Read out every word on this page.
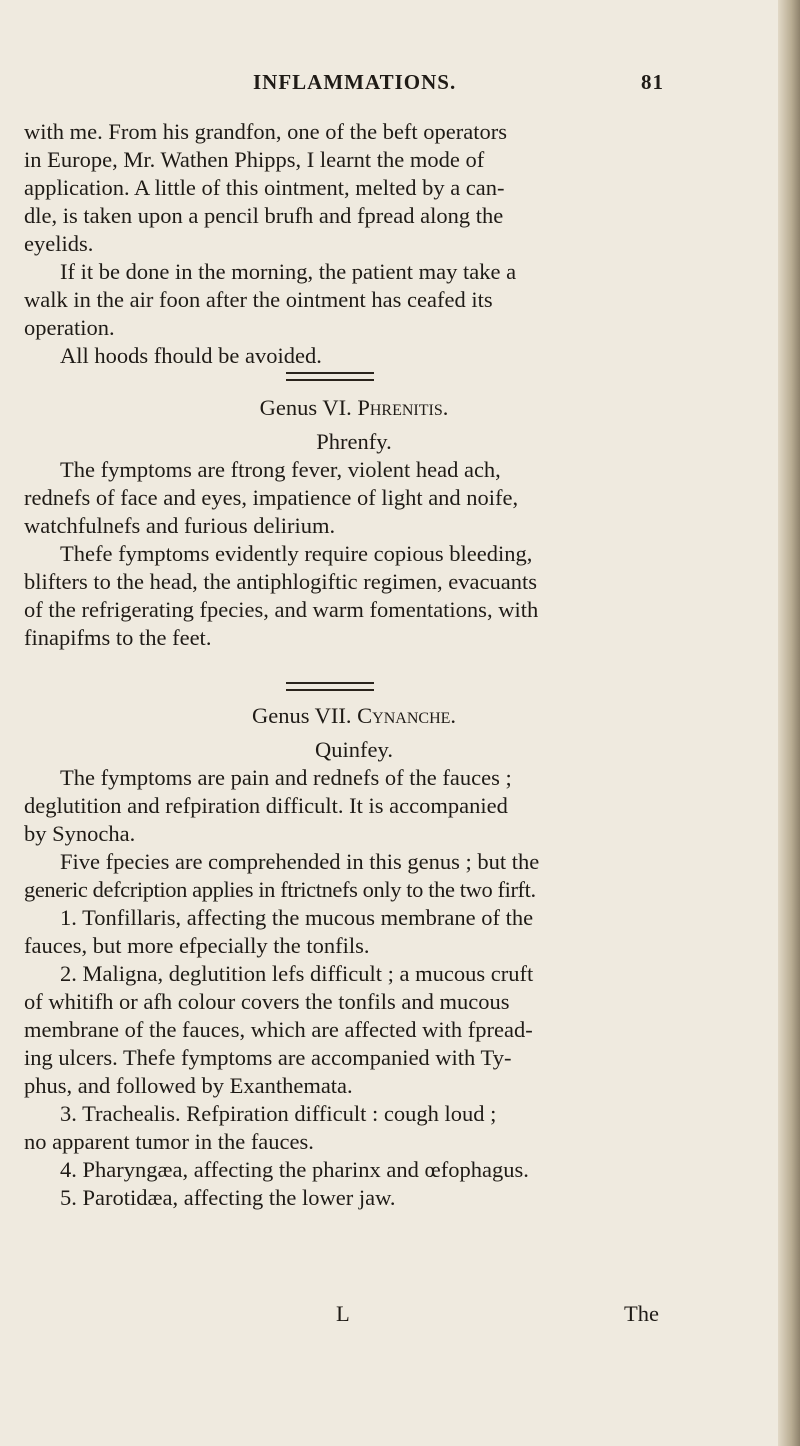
INFLAMMATIONS.	81
with me. From his grandfon, one of the beft operators
in Europe, Mr. Wathen Phipps, I learnt the mode of
application. A little of this ointment, melted by a can-
dle, is taken upon a pencil brufh and fpread along the
eyelids.
If it be done in the morning, the patient may take a
walk in the air foon after the ointment has ceafed its
operation.
All hoods fhould be avoided.
Genus VI. Phrenitis.
Phrenfy.
The fymptoms are ftrong fever, violent head ach,
rednefs of face and eyes, impatience of light and noife,
watchfulnefs and furious delirium.
Thefe fymptoms evidently require copious bleeding,
blifters to the head, the antiphlogiftic regimen, evacuants
of the refrigerating fpecies, and warm fomentations, with
finapifms to the feet.
Genus VII. Cynanche.
Quinfey.
The fymptoms are pain and rednefs of the fauces ;
deglutition and refpiration difficult. It is accompanied
by Synocha.
Five fpecies are comprehended in this genus ; but the
generic defcription applies in ftrictnefs only to the two firft.
1. Tonfillaris, affecting the mucous membrane of the
fauces, but more efpecially the tonfils.
2. Maligna, deglutition lefs difficult ; a mucous cruft
of whitifh or afh colour covers the tonfils and mucous
membrane of the fauces, which are affected with fpread-
ing ulcers. Thefe fymptoms are accompanied with Ty-
phus, and followed by Exanthemata.
3. Trachealis. Refpiration difficult : cough loud ;
no apparent tumor in the fauces.
4. Pharyngæa, affecting the pharinx and œfophagus.
5. Parotidæa, affecting the lower jaw.
L	The
